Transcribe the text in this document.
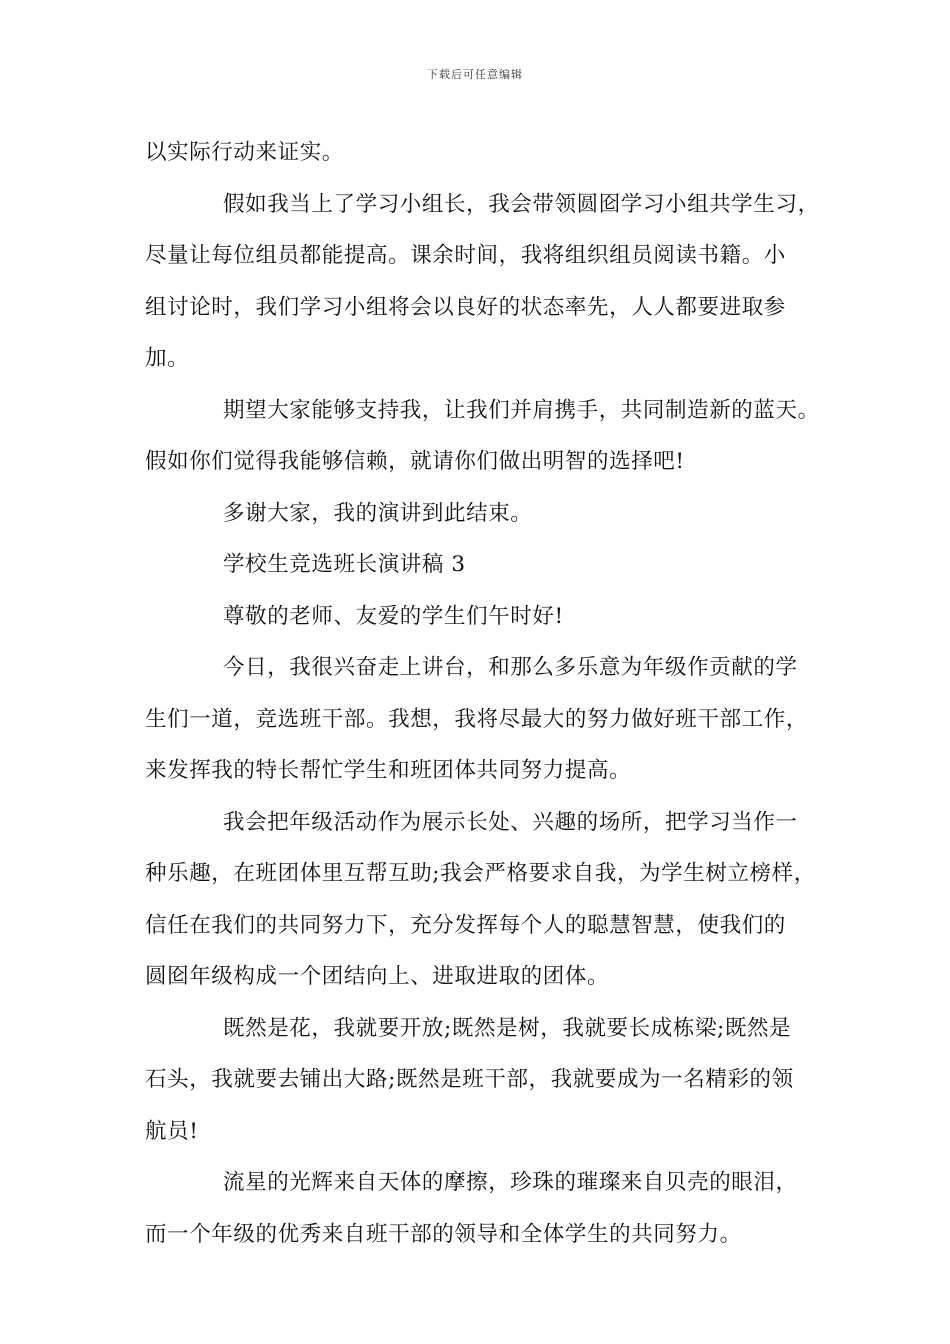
下载后可任意编辑
以实际行动来证实。
假如我当上了学习小组长，我会带领圆囵学习小组共学生习，
尽量让每位组员都能提高。课余时间，我将组织组员阅读书籍。小
组讨论时，我们学习小组将会以良好的状态率先，人人都要进取参
加。
期望大家能够支持我，让我们并肩携手，共同制造新的蓝天。
假如你们觉得我能够信赖，就请你们做出明智的选择吧!
多谢大家，我的演讲到此结束。
学校生竞选班长演讲稿 3
尊敬的老师、友爱的学生们午时好!
今日，我很兴奋走上讲台，和那么多乐意为年级作贡献的学
生们一道，竞选班干部。我想，我将尽最大的努力做好班干部工作，
来发挥我的特长帮忙学生和班团体共同努力提高。
我会把年级活动作为展示长处、兴趣的场所，把学习当作一
种乐趣，在班团体里互帮互助;我会严格要求自我，为学生树立榜样，
信任在我们的共同努力下，充分发挥每个人的聪慧智慧，使我们的
圆囵年级构成一个团结向上、进取进取的团体。
既然是花，我就要开放;既然是树，我就要长成栋梁;既然是
石头，我就要去铺出大路;既然是班干部，我就要成为一名精彩的领
航员!
流星的光辉来自天体的摩擦，珍珠的璀璨来自贝壳的眼泪，
而一个年级的优秀来自班干部的领导和全体学生的共同努力。
